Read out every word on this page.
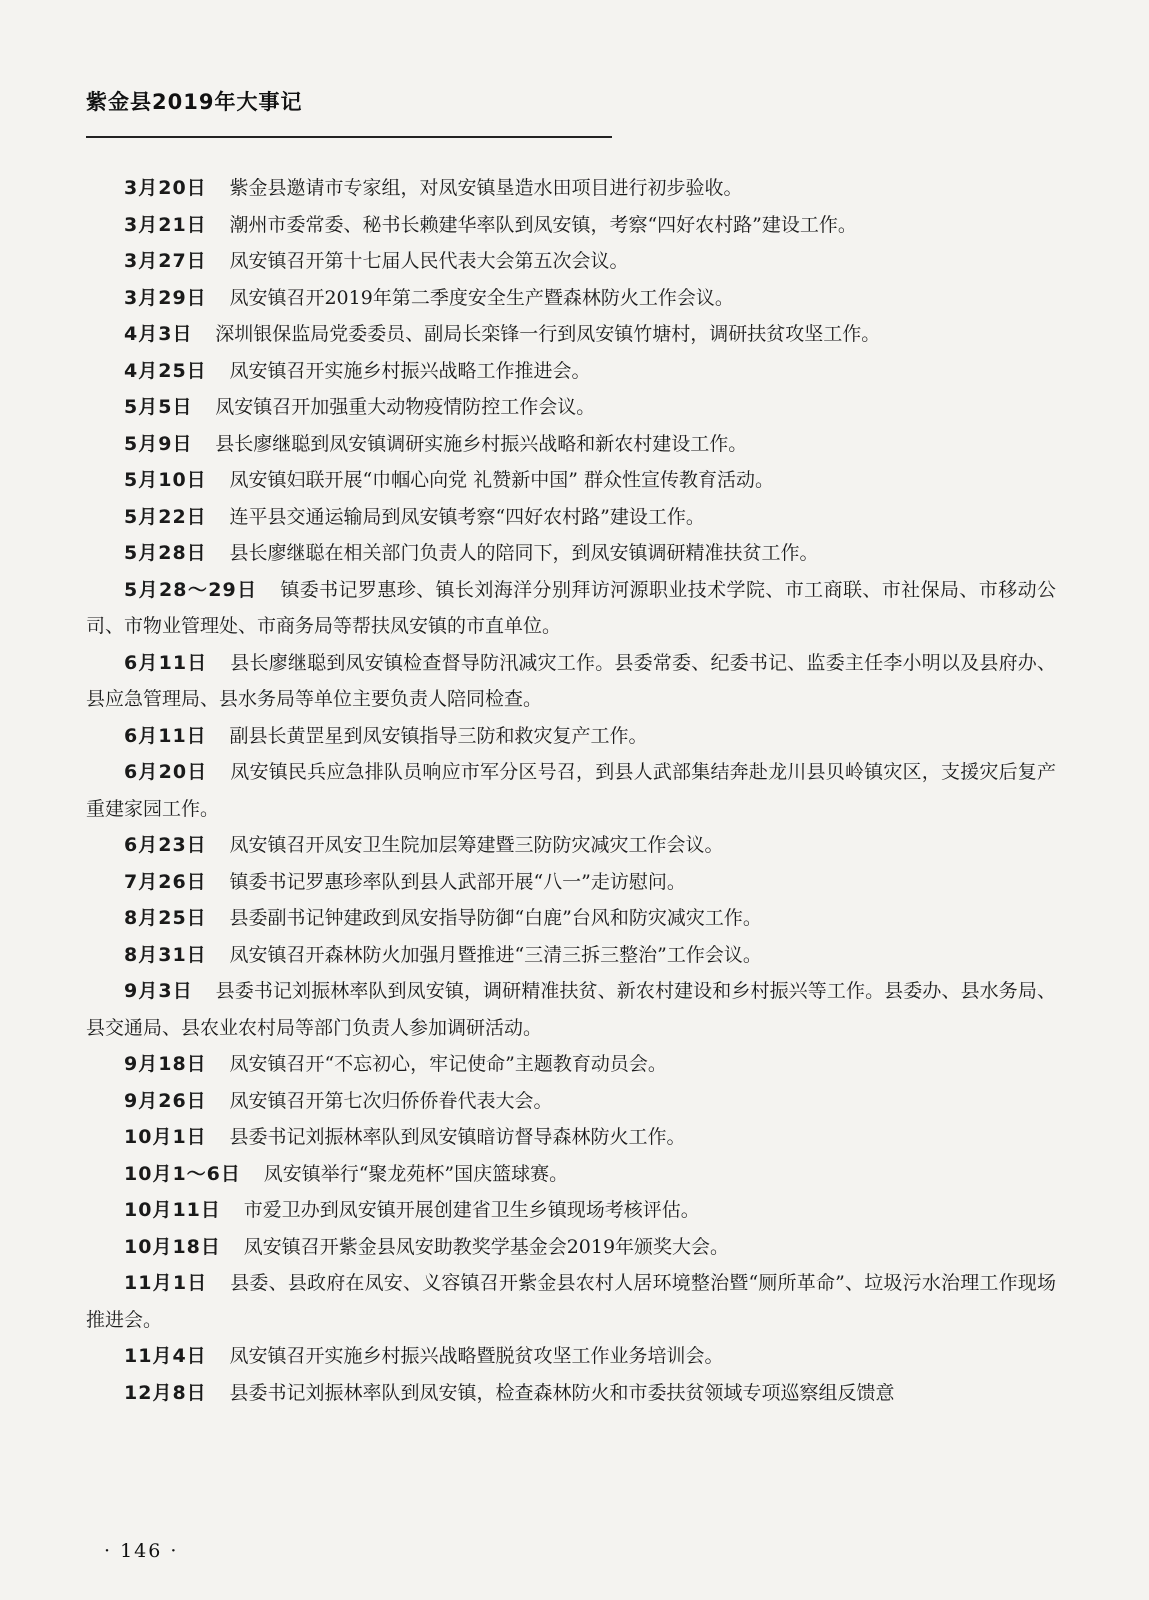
紫金县2019年大事记

3月20日 紫金县邀请市专家组，对凤安镇垦造水田项目进行初步验收。

3月21日 潮州市委常委、秘书长赖建华率队到凤安镇，考察“四好农村路”建设工作。

3月27日 凤安镇召开第十七届人民代表大会第五次会议。

3月29日 凤安镇召开2019年第二季度安全生产暨森林防火工作会议。

4月3日 深圳银保监局党委委员、副局长栾锋一行到凤安镇竹塘村，调研扶贫攻坚工作。

4月25日 凤安镇召开实施乡村振兴战略工作推进会。

5月5日 凤安镇召开加强重大动物疫情防控工作会议。

5月9日 县长廖继聪到凤安镇调研实施乡村振兴战略和新农村建设工作。

5月10日 凤安镇妇联开展“巾帼心向党 礼赞新中国” 群众性宣传教育活动。

5月22日 连平县交通运输局到凤安镇考察“四好农村路”建设工作。

5月28日 县长廖继聪在相关部门负责人的陪同下，到凤安镇调研精准扶贫工作。

5月28～29日 镇委书记罗惠珍、镇长刘海洋分别拜访河源职业技术学院、市工商联、市社保局、市移动公司、市物业管理处、市商务局等帮扶凤安镇的市直单位。

6月11日 县长廖继聪到凤安镇检查督导防汛减灾工作。县委常委、纪委书记、监委主任李小明以及县府办、县应急管理局、县水务局等单位主要负责人陪同检查。

6月11日 副县长黄罡星到凤安镇指导三防和救灾复产工作。

6月20日 凤安镇民兵应急排队员响应市军分区号召，到县人武部集结奔赴龙川县贝岭镇灾区，支援灾后复产重建家园工作。

6月23日 凤安镇召开凤安卫生院加层筹建暨三防防灾减灾工作会议。

7月26日 镇委书记罗惠珍率队到县人武部开展“八一”走访慰问。

8月25日 县委副书记钟建政到凤安指导防御“白鹿”台风和防灾减灾工作。

8月31日 凤安镇召开森林防火加强月暨推进“三清三拆三整治”工作会议。

9月3日 县委书记刘振林率队到凤安镇，调研精准扶贫、新农村建设和乡村振兴等工作。县委办、县水务局、县交通局、县农业农村局等部门负责人参加调研活动。

9月18日 凤安镇召开“不忘初心，牢记使命”主题教育动员会。

9月26日 凤安镇召开第七次归侨侨眷代表大会。

10月1日 县委书记刘振林率队到凤安镇暗访督导森林防火工作。

10月1～6日 凤安镇举行“聚龙苑杯”国庆篮球赛。

10月11日 市爱卫办到凤安镇开展创建省卫生乡镇现场考核评估。

10月18日 凤安镇召开紫金县凤安助教奖学基金会2019年颁奖大会。

11月1日 县委、县政府在凤安、义容镇召开紫金县农村人居环境整治暨“厕所革命”、垃圾污水治理工作现场推进会。

11月4日 凤安镇召开实施乡村振兴战略暨脱贫攻坚工作业务培训会。

12月8日 县委书记刘振林率队到凤安镇，检查森林防火和市委扶贫领域专项巡察组反馈意

· 146 ·
